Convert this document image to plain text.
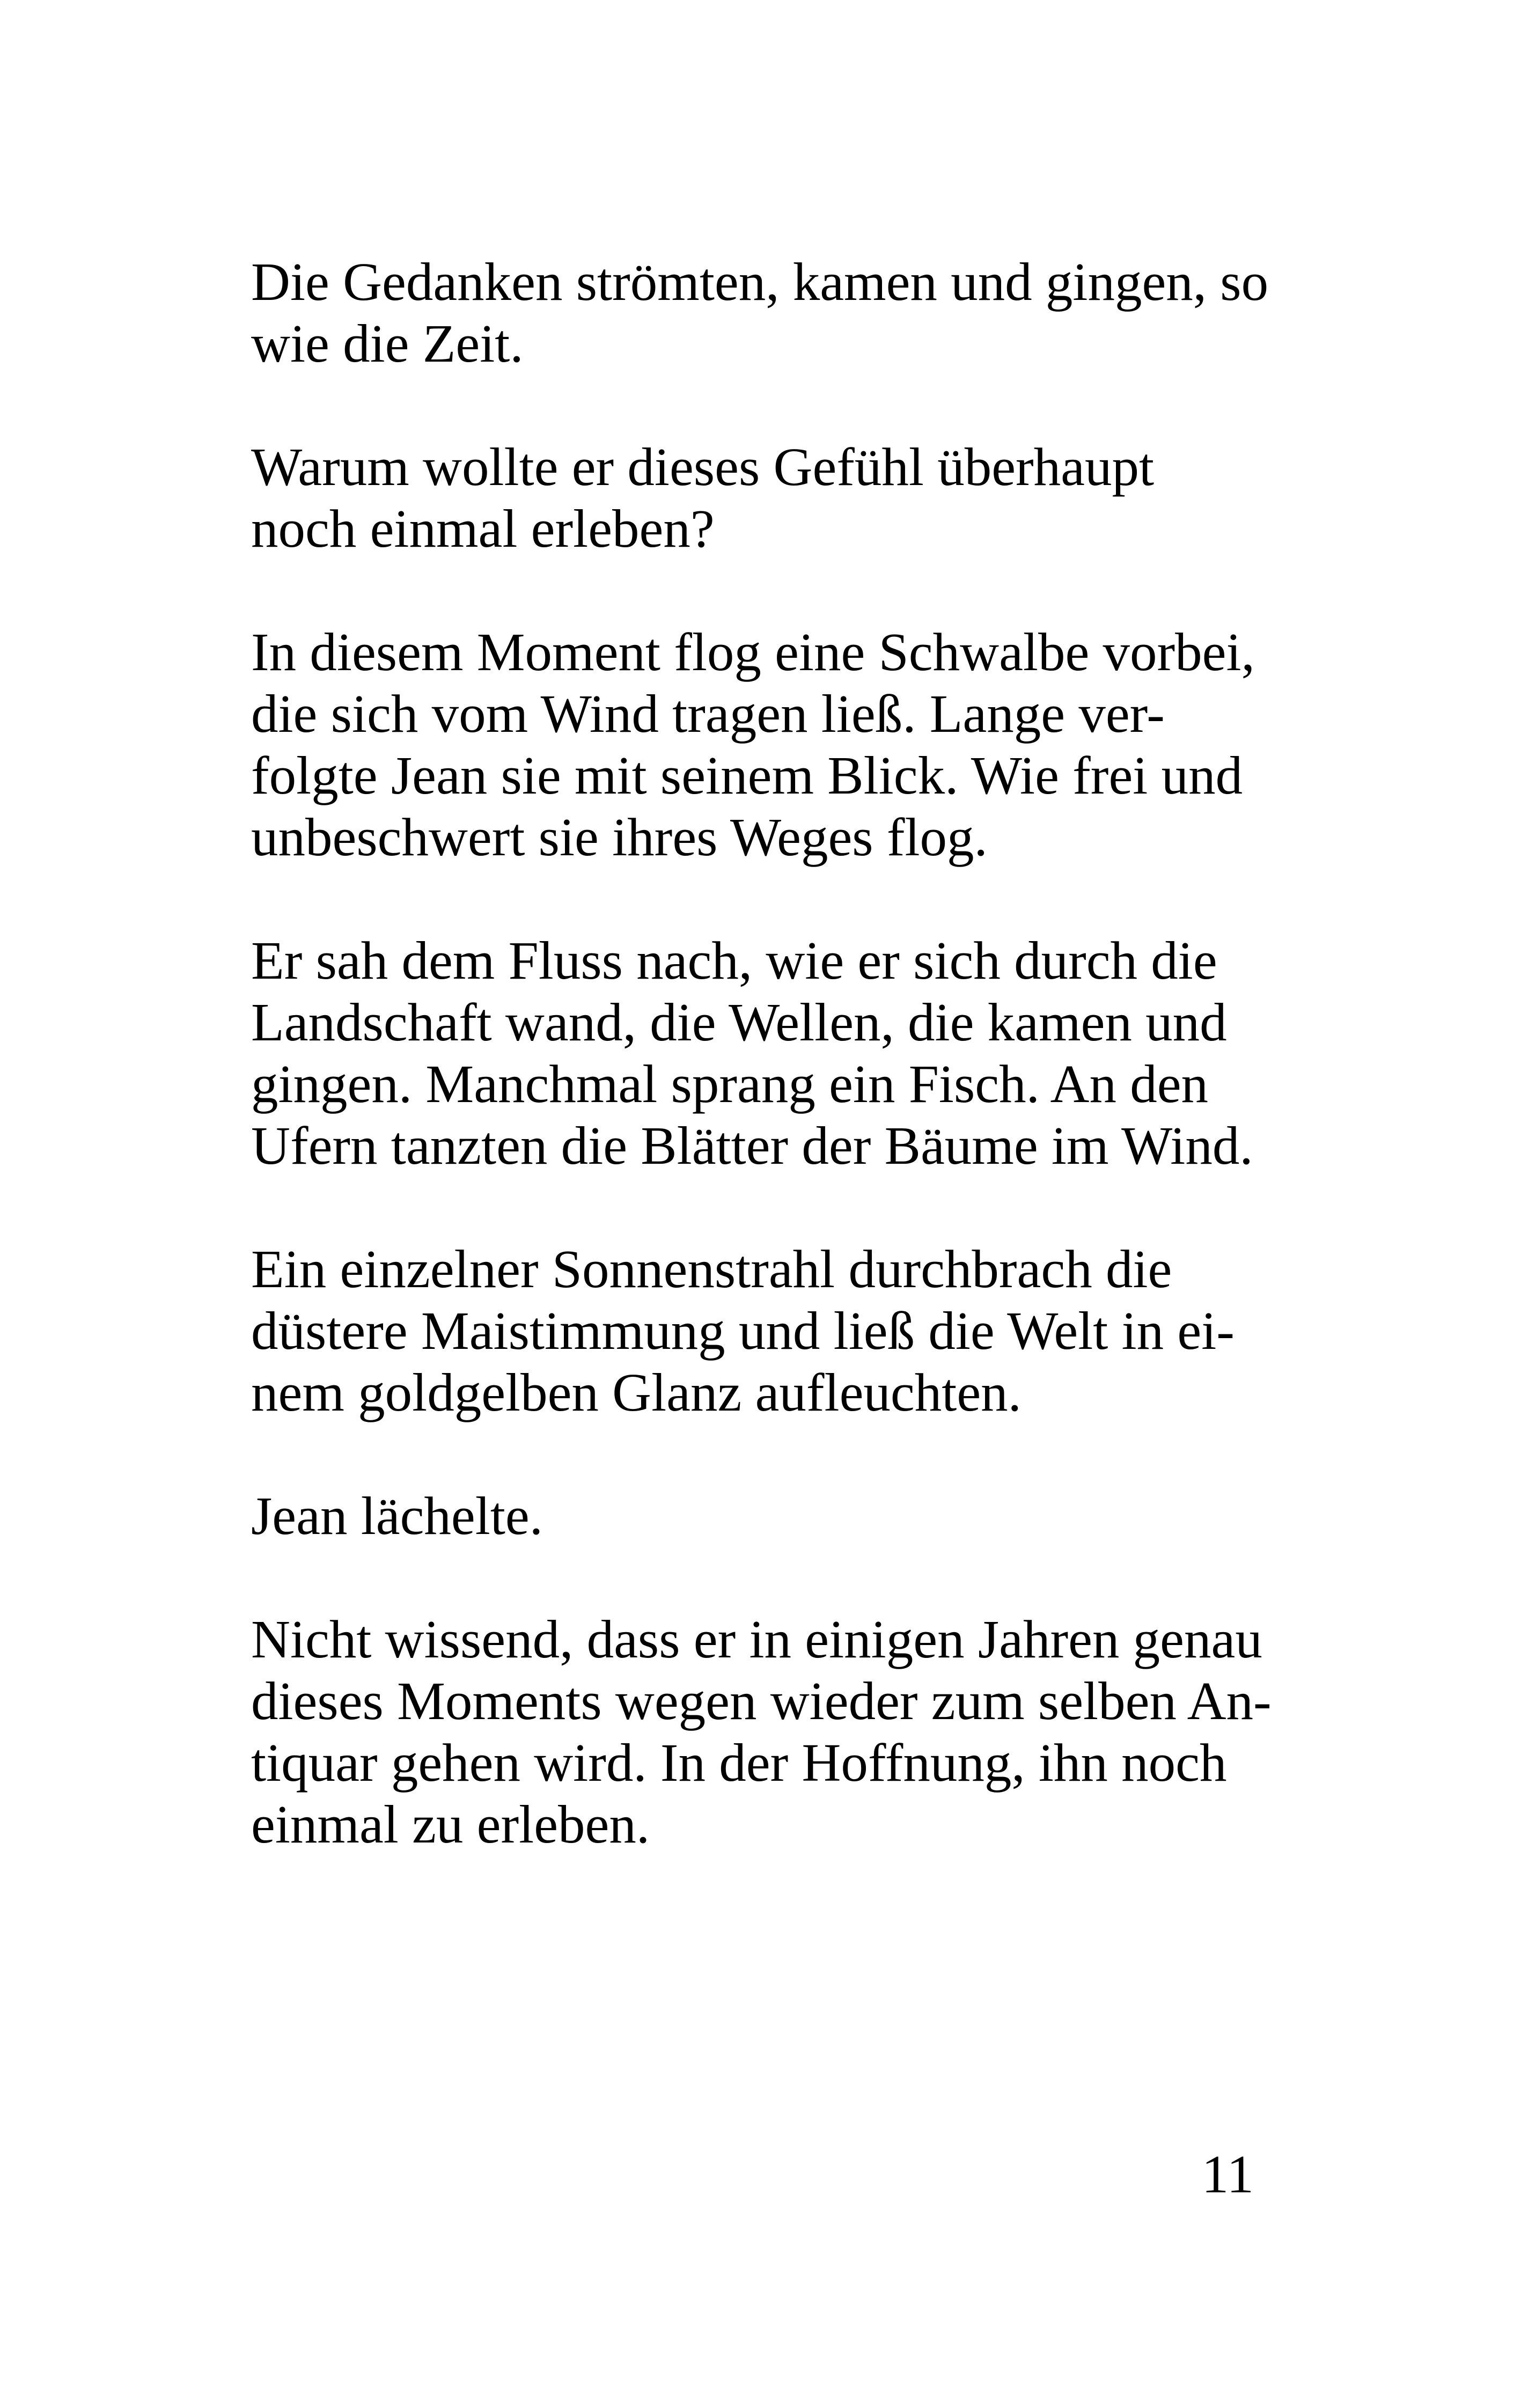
Die Gedanken strömten, kamen und gingen, so
wie die Zeit.

Warum wollte er dieses Gefühl überhaupt
noch einmal erleben?

In diesem Moment flog eine Schwalbe vorbei,
die sich vom Wind tragen ließ. Lange ver-
folgte Jean sie mit seinem Blick. Wie frei und
unbeschwert sie ihres Weges flog.

Er sah dem Fluss nach, wie er sich durch die
Landschaft wand, die Wellen, die kamen und
gingen. Manchmal sprang ein Fisch. An den
Ufern tanzten die Blätter der Bäume im Wind.

Ein einzelner Sonnenstrahl durchbrach die
düstere Maistimmung und ließ die Welt in ei-
nem goldgelben Glanz aufleuchten.

Jean lächelte.

Nicht wissend, dass er in einigen Jahren genau
dieses Moments wegen wieder zum selben An-
tiquar gehen wird. In der Hoffnung, ihn noch
einmal zu erleben.

11
